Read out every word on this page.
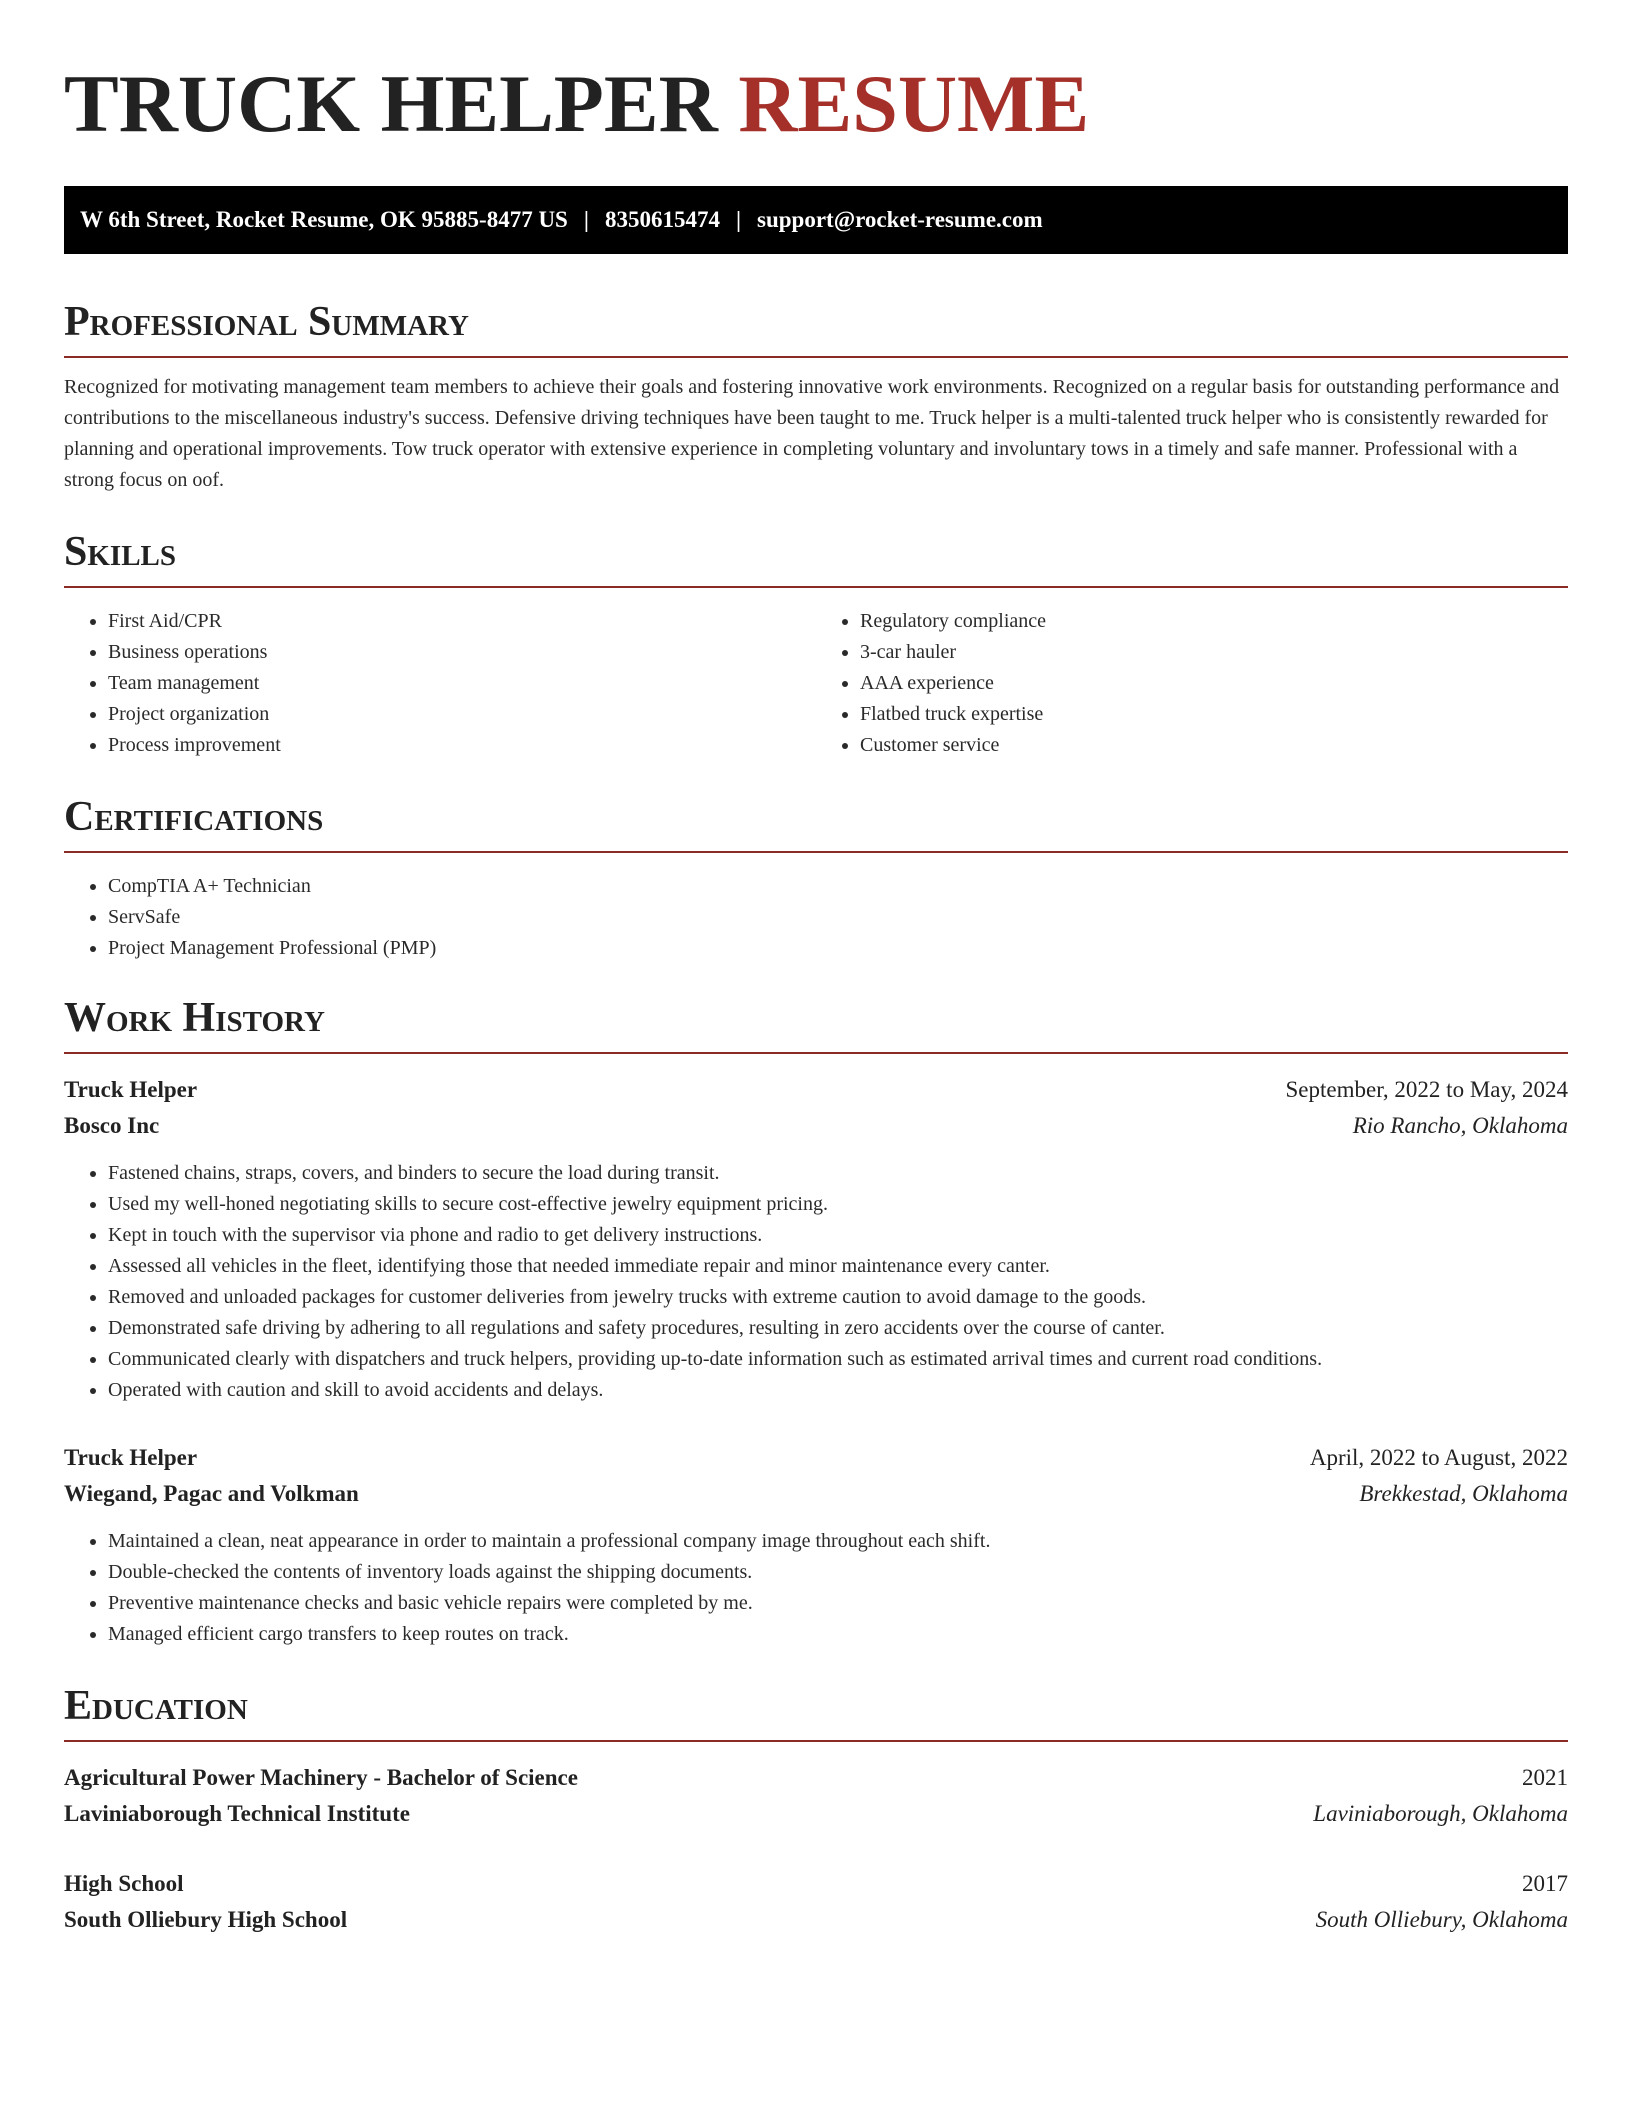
TRUCK HELPER RESUME
W 6th Street, Rocket Resume, OK 95885-8477 US | 8350615474 | support@rocket-resume.com
Professional Summary

Recognized for motivating management team members to achieve their goals and fostering innovative work environments. Recognized on a regular basis for outstanding performance and contributions to the miscellaneous industry's success. Defensive driving techniques have been taught to me. Truck helper is a multi-talented truck helper who is consistently rewarded for planning and operational improvements. Tow truck operator with extensive experience in completing voluntary and involuntary tows in a timely and safe manner. Professional with a strong focus on oof.

Skills
• First Aid/CPR
• Business operations
• Team management
• Project organization
• Process improvement
• Regulatory compliance
• 3-car hauler
• AAA experience
• Flatbed truck expertise
• Customer service
Certifications
• CompTIA A+ Technician
• ServSafe
• Project Management Professional (PMP)
Work History
Truck Helper	September, 2022 to May, 2024
Bosco Inc	Rio Rancho, Oklahoma
• Fastened chains, straps, covers, and binders to secure the load during transit.
• Used my well-honed negotiating skills to secure cost-effective jewelry equipment pricing.
• Kept in touch with the supervisor via phone and radio to get delivery instructions.
• Assessed all vehicles in the fleet, identifying those that needed immediate repair and minor maintenance every canter.
• Removed and unloaded packages for customer deliveries from jewelry trucks with extreme caution to avoid damage to the goods.
• Demonstrated safe driving by adhering to all regulations and safety procedures, resulting in zero accidents over the course of canter.
• Communicated clearly with dispatchers and truck helpers, providing up-to-date information such as estimated arrival times and current road conditions.
• Operated with caution and skill to avoid accidents and delays.
Truck Helper	April, 2022 to August, 2022
Wiegand, Pagac and Volkman	Brekkestad, Oklahoma
• Maintained a clean, neat appearance in order to maintain a professional company image throughout each shift.
• Double-checked the contents of inventory loads against the shipping documents.
• Preventive maintenance checks and basic vehicle repairs were completed by me.
• Managed efficient cargo transfers to keep routes on track.
Education
Agricultural Power Machinery - Bachelor of Science	2021
Laviniaborough Technical Institute	Laviniaborough, Oklahoma
High School	2017
South Olliebury High School	South Olliebury, Oklahoma
